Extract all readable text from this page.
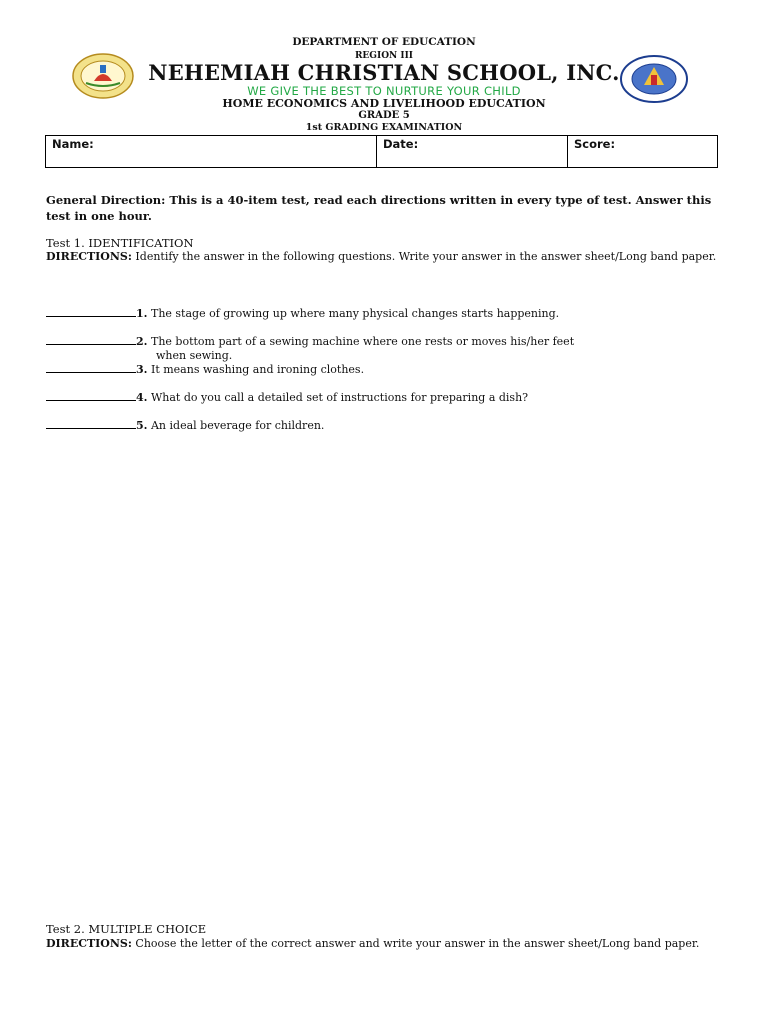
DEPARTMENT OF EDUCATION
REGION III
NEHEMIAH CHRISTIAN SCHOOL, INC.
WE GIVE THE BEST TO NURTURE YOUR CHILD
HOME ECONOMICS AND LIVELIHOOD EDUCATION
GRADE 5
1st GRADING EXAMINATION
Name:	Date:	Score:
General Direction: This is a 40-item test, read each directions written in every type of test. Answer this test in one hour.
Test 1. IDENTIFICATION
DIRECTIONS: Identify the answer in the following questions. Write your answer in the answer sheet/Long band paper.
1. The stage of growing up where many physical changes starts happening.
2. The bottom part of a sewing machine where one rests or moves his/her feet
when sewing.
3. It means washing and ironing clothes.
4. What do you call a detailed set of instructions for preparing a dish?
5. An ideal beverage for children.
Test 2. MULTIPLE CHOICE
DIRECTIONS: Choose the letter of the correct answer and write your answer in the answer sheet/Long band paper.
